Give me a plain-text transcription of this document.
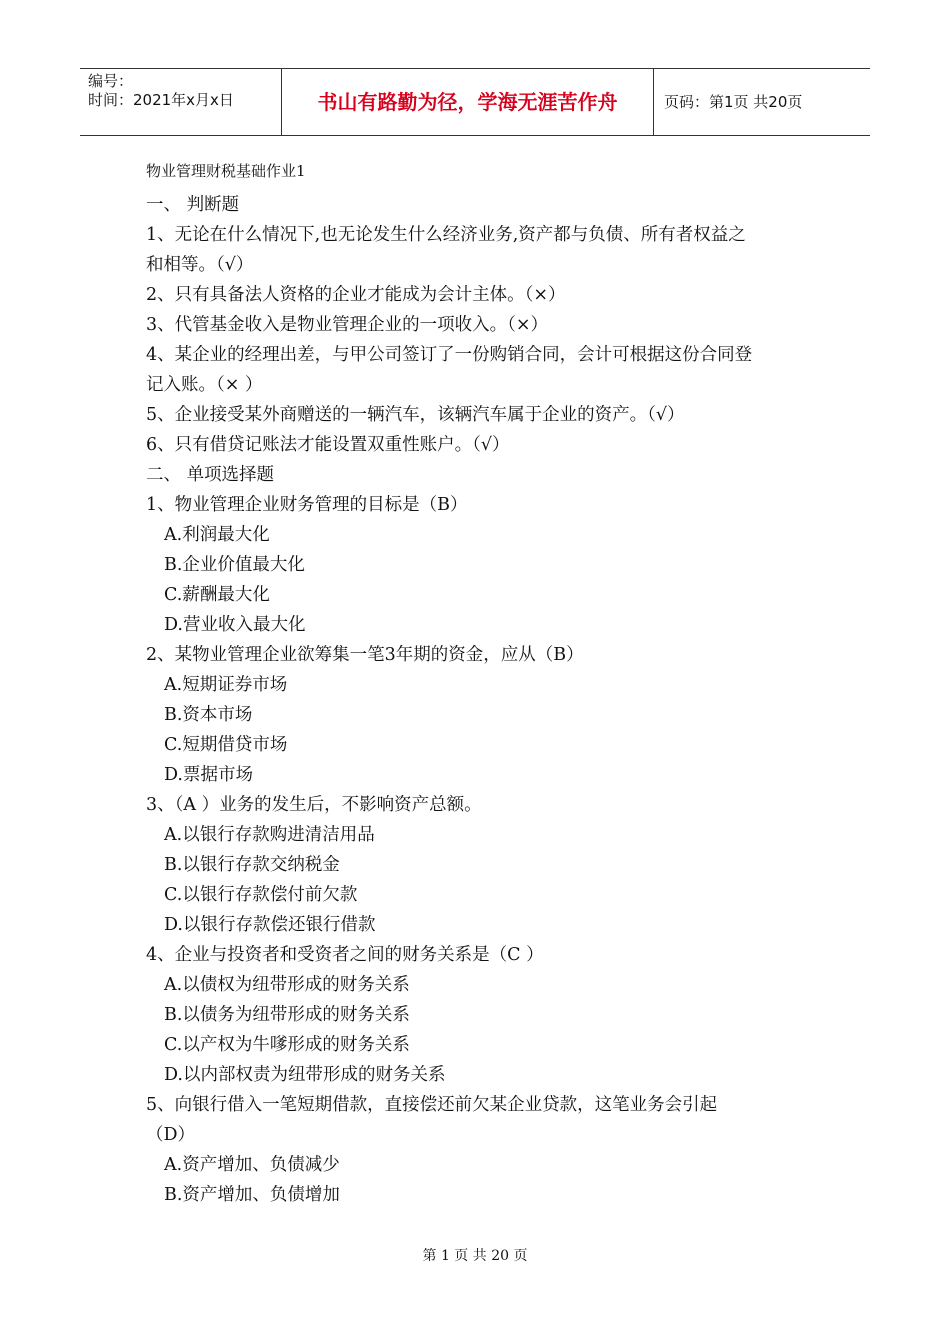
编号：
时间：2021年x月x日	书山有路勤为径，学海无涯苦作舟	页码：第1页 共20页
物业管理财税基础作业1
一、 判断题
1、无论在什么情况下,也无论发生什么经济业务,资产都与负债、所有者权益之
和相等。（√）
2、只有具备法人资格的企业才能成为会计主体。（×）
3、代管基金收入是物业管理企业的一项收入。（×）
4、某企业的经理出差，与甲公司签订了一份购销合同，会计可根据这份合同登
记入账。（× ）
5、企业接受某外商赠送的一辆汽车，该辆汽车属于企业的资产。（√）
6、只有借贷记账法才能设置双重性账户。（√）
二、 单项选择题
1、物业管理企业财务管理的目标是（B）
A.利润最大化
B.企业价值最大化
C.薪酬最大化
D.营业收入最大化
2、某物业管理企业欲筹集一笔3年期的资金，应从（B）
A.短期证券市场
B.资本市场
C.短期借贷市场
D.票据市场
3、（A ）业务的发生后，不影响资产总额。
A.以银行存款购进清洁用品
B.以银行存款交纳税金
C.以银行存款偿付前欠款
D.以银行存款偿还银行借款
4、企业与投资者和受资者之间的财务关系是（C ）
A.以债权为纽带形成的财务关系
B.以债务为纽带形成的财务关系
C.以产权为牛嗲形成的财务关系
D.以内部权责为纽带形成的财务关系
5、向银行借入一笔短期借款，直接偿还前欠某企业贷款，这笔业务会引起
（D）
A.资产增加、负债减少
B.资产增加、负债增加
第 1 页 共 20 页
